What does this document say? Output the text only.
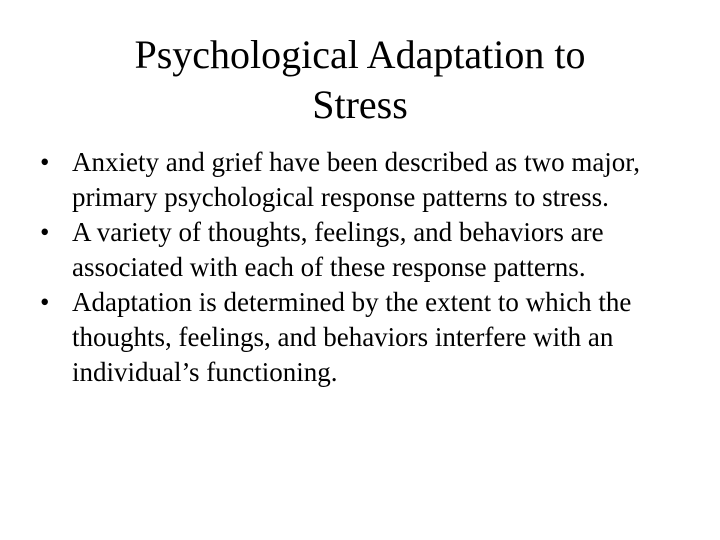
Psychological Adaptation to
Stress
• Anxiety and grief have been described as two major, primary psychological response patterns to stress.
• A variety of thoughts, feelings, and behaviors are associated with each of these response patterns.
• Adaptation is determined by the extent to which the thoughts, feelings, and behaviors interfere with an individual’s functioning.
